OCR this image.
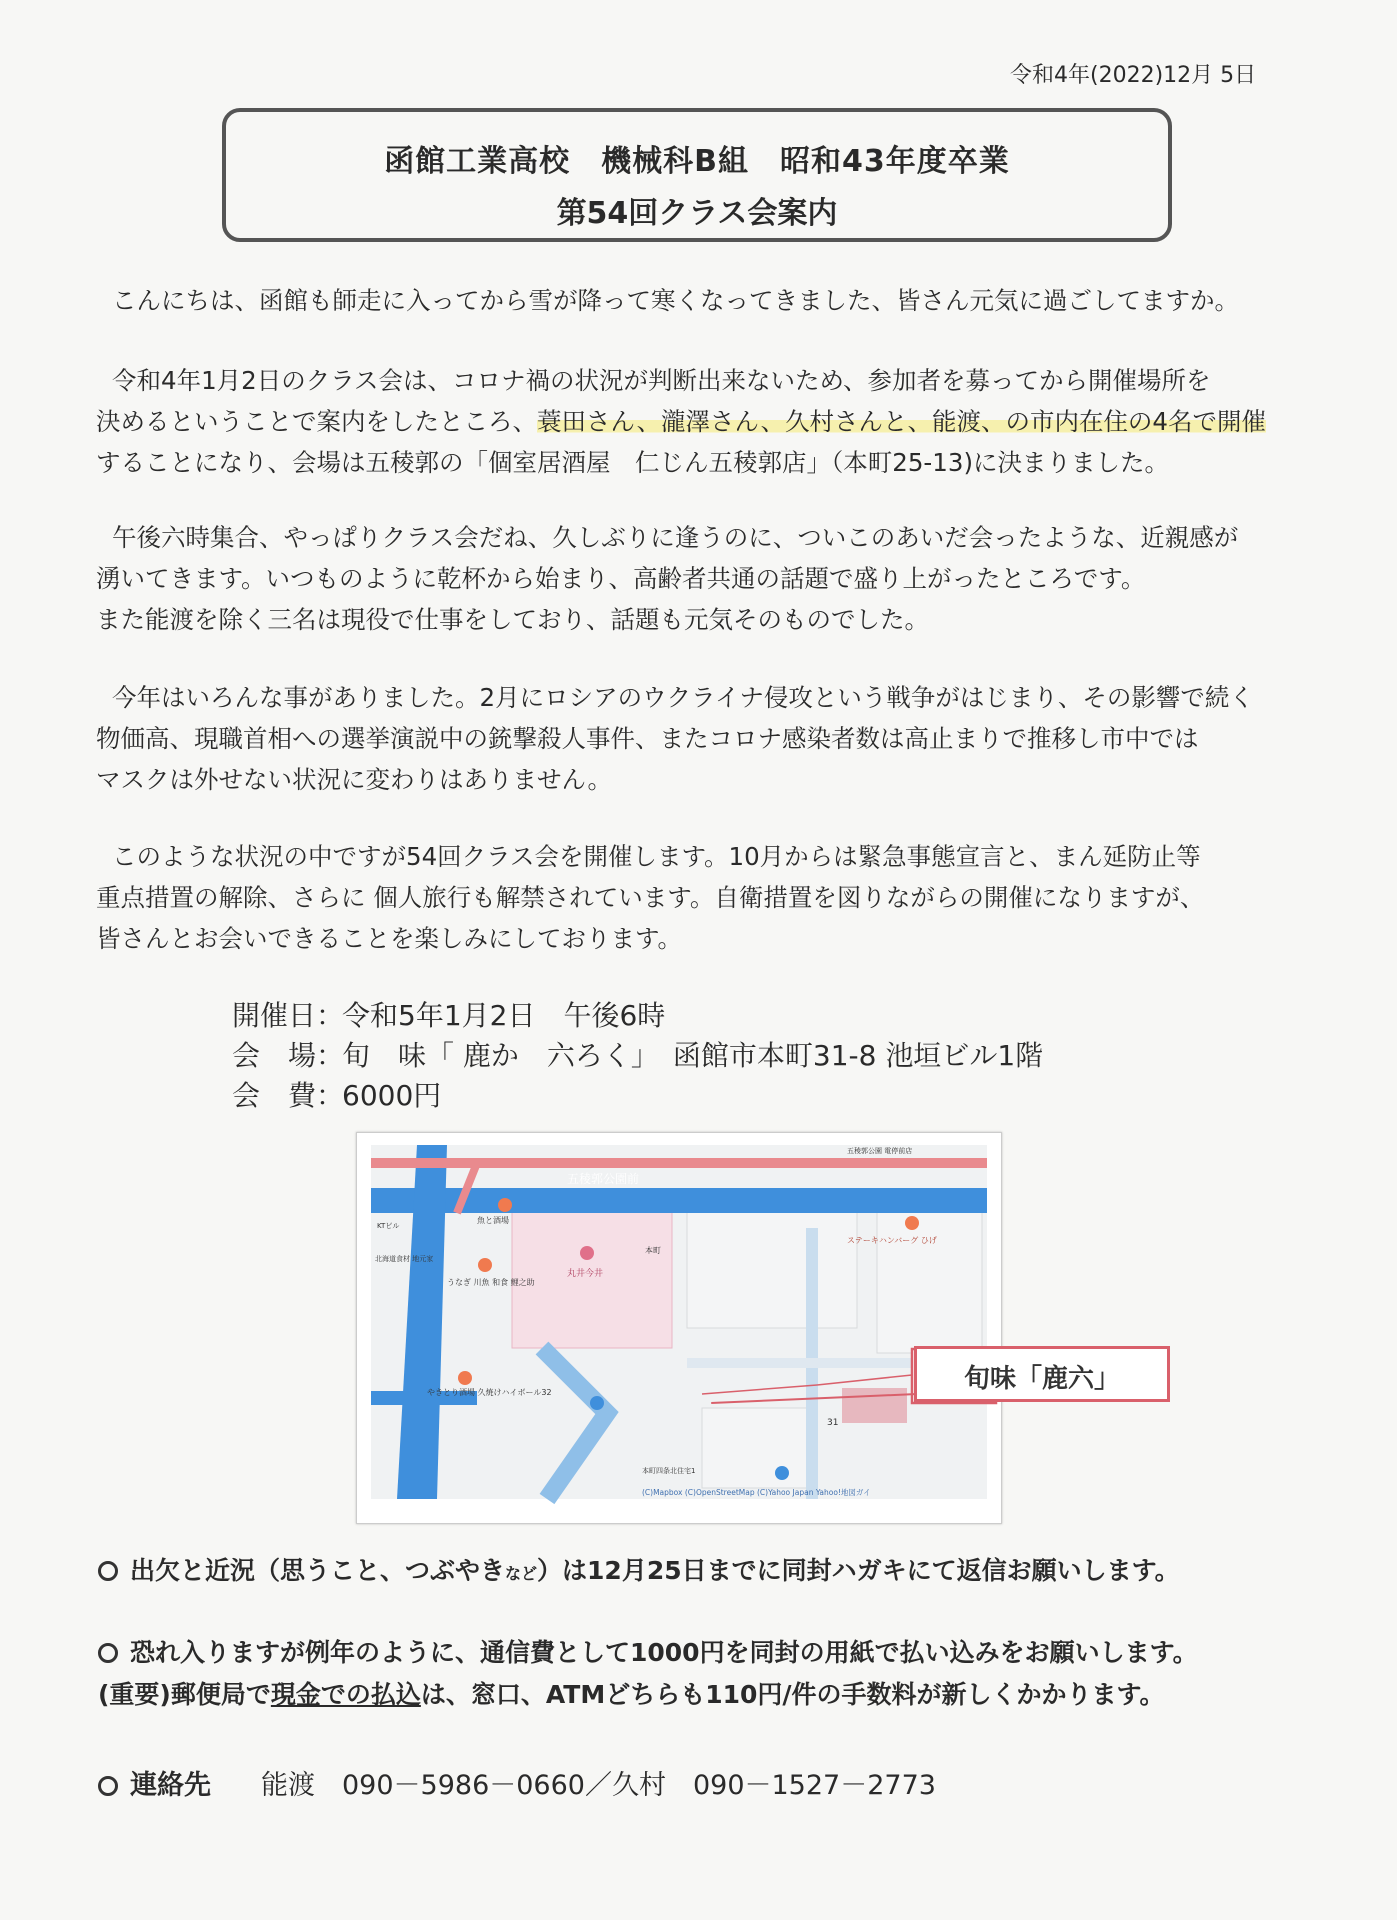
令和4年(2022)12月 5日
函館工業高校　機械科B組　昭和43年度卒業
第54回クラス会案内
こんにちは、函館も師走に入ってから雪が降って寒くなってきました、皆さん元気に過ごしてますか。
令和4年1月2日のクラス会は、コロナ禍の状況が判断出来ないため、参加者を募ってから開催場所を
決めるということで案内をしたところ、蓑田さん、瀧澤さん、久村さんと、能渡、の市内在住の4名で開催
することになり、会場は五稜郭の「個室居酒屋　仁じん五稜郭店」（本町25-13)に決まりました。
午後六時集合、やっぱりクラス会だね、久しぶりに逢うのに、ついこのあいだ会ったような、近親感が
湧いてきます。いつものように乾杯から始まり、高齢者共通の話題で盛り上がったところです。
また能渡を除く三名は現役で仕事をしており、話題も元気そのものでした。
今年はいろんな事がありました。2月にロシアのウクライナ侵攻という戦争がはじまり、その影響で続く
物価高、現職首相への選挙演説中の銃撃殺人事件、またコロナ感染者数は高止まりで推移し市中では
マスクは外せない状況に変わりはありません。
このような状況の中ですが54回クラス会を開催します。10月からは緊急事態宣言と、まん延防止等
重点措置の解除、さらに 個人旅行も解禁されています。自衛措置を図りながらの開催になりますが、
皆さんとお会いできることを楽しみにしております。
開催日：
令和5年1月2日　午後6時
会　場：
旬　味「 鹿か　六ろく」　函館市本町31-8 池垣ビル1階
会　費：
6000円
五稜郭公園前
丸井今井
魚と酒場
うなぎ 川魚 和食 鯉之助
ステーキハンバーグ ひげ
やきとり酒場 久焼けハイボール32
KTビル
北海道食材 地元家
五稜郭公園 電停前店
本町
本町四条北住宅1
31
(C)Mapbox (C)OpenStreetMap (C)Yahoo Japan Yahoo!地図ガイ
旬味「鹿六」
出欠と近況（思うこと、つぶやきなど）は12月25日までに同封ハガキにて返信お願いします。
恐れ入りますが例年のように、通信費として1000円を同封の用紙で払い込みをお願いします。
(重要)郵便局で現金での払込は、窓口、ATMどちらも110円/件の手数料が新しくかかります。
連絡先 能渡　090－5986－0660／久村　090－1527－2773
